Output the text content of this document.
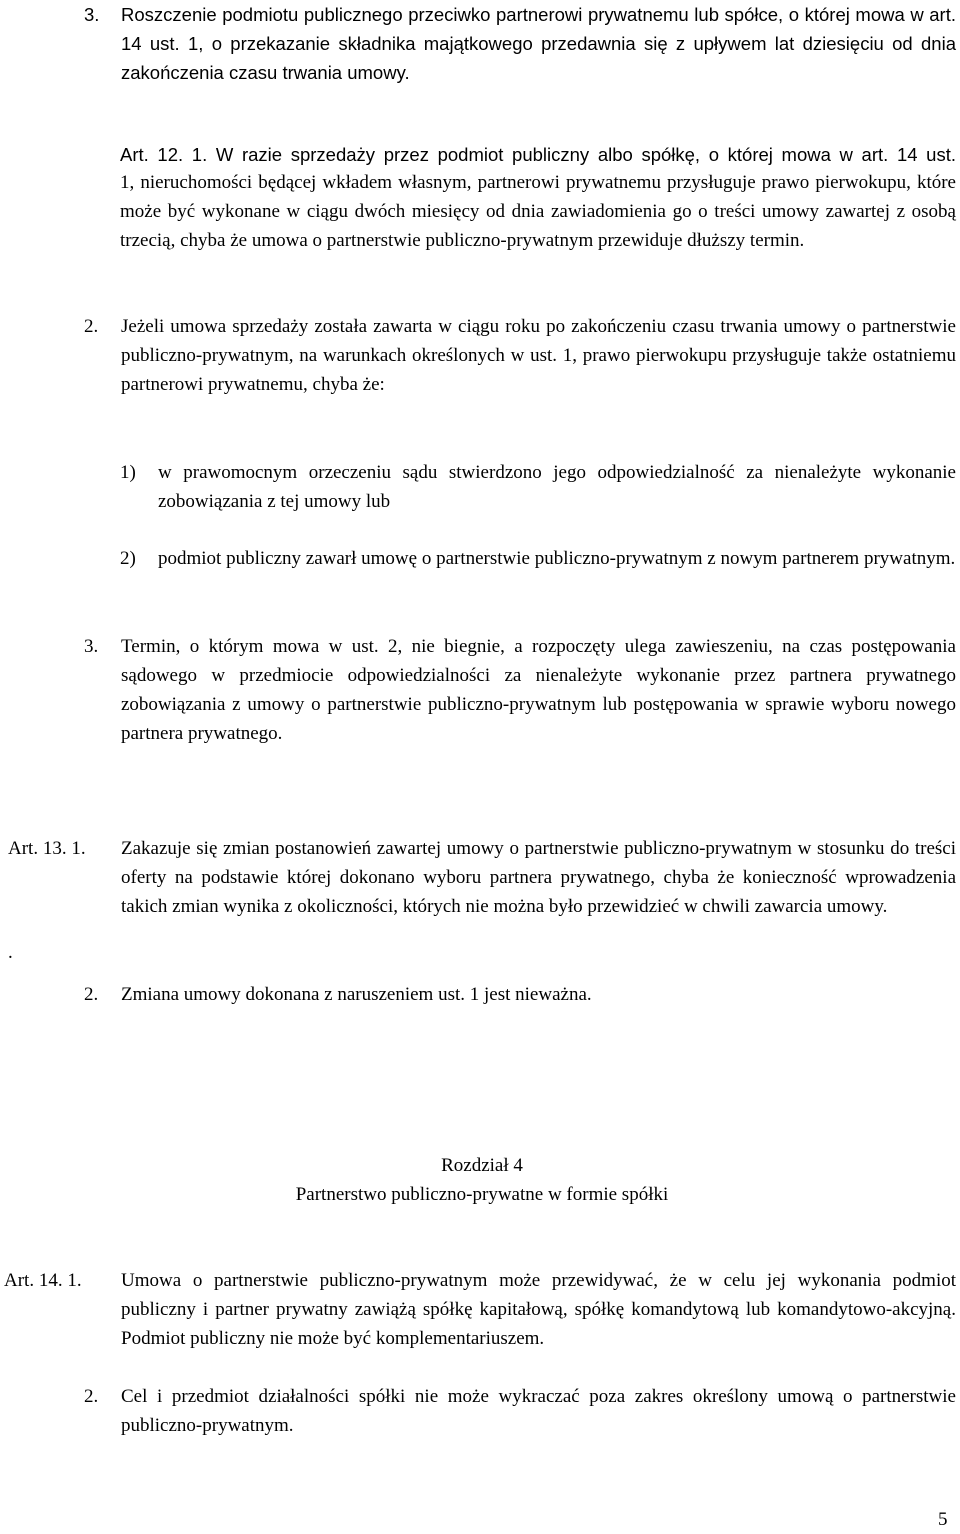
3. Roszczenie podmiotu publicznego przeciwko partnerowi prywatnemu lub spółce, o której mowa w art. 14 ust. 1, o przekazanie składnika majątkowego przedawnia się z upływem lat dziesięciu od dnia zakończenia czasu trwania umowy.
Art. 12. 1. W razie sprzedaży przez podmiot publiczny albo spółkę, o której mowa w art. 14 ust.
1, nieruchomości będącej wkładem własnym, partnerowi prywatnemu przysługuje prawo pierwokupu, które może być wykonane w ciągu dwóch miesięcy od dnia zawiadomienia go o treści umowy zawartej z osobą trzecią, chyba że umowa o partnerstwie publiczno-prywatnym przewiduje dłuższy termin.
2. Jeżeli umowa sprzedaży została zawarta w ciągu roku po zakończeniu czasu trwania umowy o partnerstwie publiczno-prywatnym, na warunkach określonych w ust. 1, prawo pierwokupu przysługuje także ostatniemu partnerowi prywatnemu, chyba że:
1) w prawomocnym orzeczeniu sądu stwierdzono jego odpowiedzialność za nienależyte wykonanie zobowiązania z tej umowy lub
2) podmiot publiczny zawarł umowę o partnerstwie publiczno-prywatnym z nowym partnerem prywatnym.
3. Termin, o którym mowa w ust. 2, nie biegnie, a rozpoczęty ulega zawieszeniu, na czas postępowania sądowego w przedmiocie odpowiedzialności za nienależyte wykonanie przez partnera prywatnego zobowiązania z umowy o partnerstwie publiczno-prywatnym lub postępowania w sprawie wyboru nowego partnera prywatnego.
Art. 13. 1. Zakazuje się zmian postanowień zawartej umowy o partnerstwie publiczno-prywatnym w stosunku do treści oferty na podstawie której dokonano wyboru partnera prywatnego, chyba że konieczność wprowadzenia takich zmian wynika z okoliczności, których nie można było przewidzieć w chwili zawarcia umowy.
.
2. Zmiana umowy dokonana z naruszeniem ust. 1 jest nieważna.
Rozdział 4
Partnerstwo publiczno-prywatne w formie spółki
Art. 14. 1. Umowa o partnerstwie publiczno-prywatnym może przewidywać, że w celu jej wykonania podmiot publiczny i partner prywatny zawiążą spółkę kapitałową, spółkę komandytową lub komandytowo-akcyjną. Podmiot publiczny nie może być komplementariuszem.
2. Cel i przedmiot działalności spółki nie może wykraczać poza zakres określony umową o partnerstwie publiczno-prywatnym.
5
